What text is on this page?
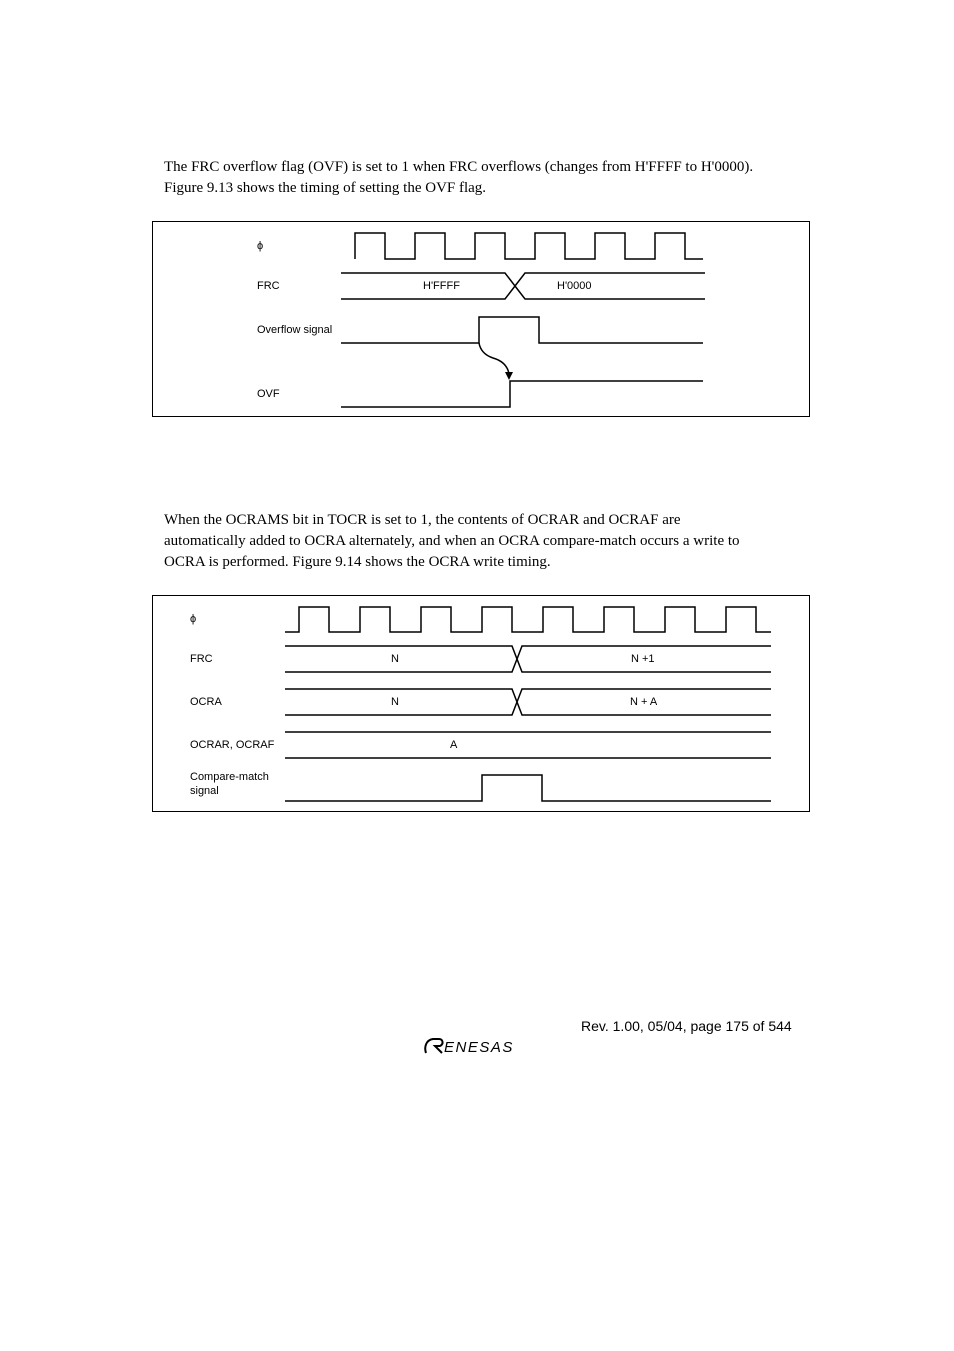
The FRC overflow flag (OVF) is set to 1 when FRC overflows (changes from H'FFFF to H'0000).
Figure 9.13 shows the timing of setting the OVF flag.

ϕ
FRC
Overflow signal
OVF
H'FFFF	H'0000

When the OCRAMS bit in TOCR is set to 1, the contents of OCRAR and OCRAF are
automatically added to OCRA alternately, and when an OCRA compare-match occurs a write to
OCRA is performed. Figure 9.14 shows the OCRA write timing.

ϕ
FRC
OCRA
OCRAR, OCRAF
Compare-match
signal
N	N +1
N	N + A
A
Rev. 1.00, 05/04, page 175 of 544
ENESAS
